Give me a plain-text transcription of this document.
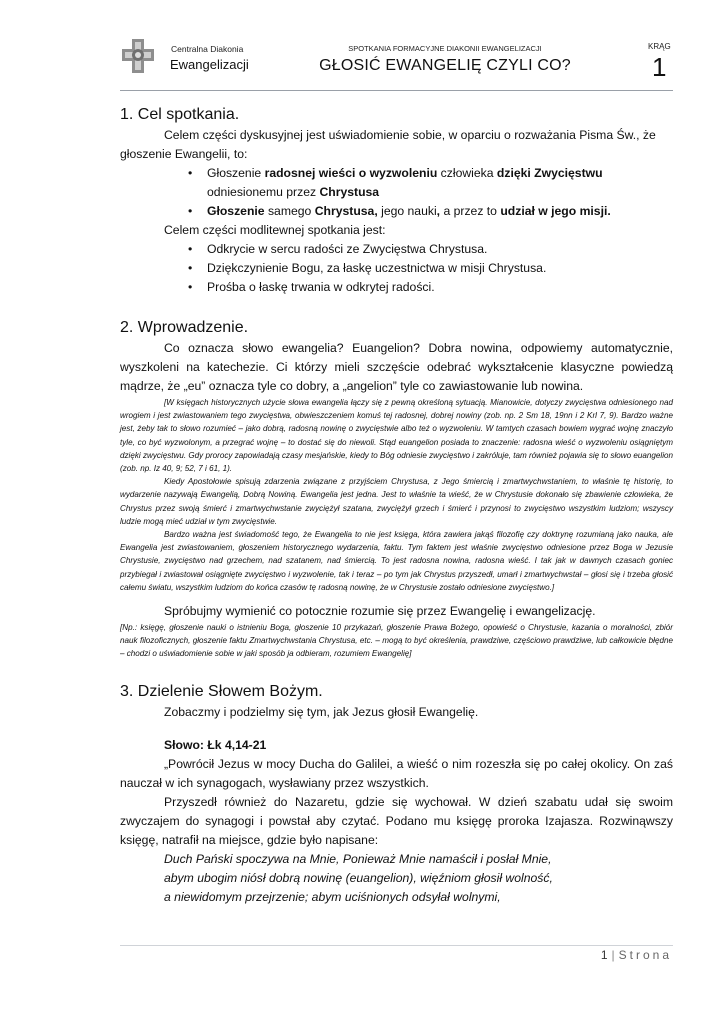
Centralna Diakonia
Ewangelizacji
SPOTKANIA FORMACYJNE DIAKONII EWANGELIZACJI
GŁOSIĆ EWANGELIĘ CZYLI CO?
KRĄG
1
1. Cel spotkania.

Celem części dyskusyjnej jest uświadomienie sobie, w oparciu o rozważania Pisma Św., że głoszenie Ewangelii, to:

• Głoszenie radosnej wieści o wyzwoleniu człowieka dzięki Zwycięstwu odniesionemu przez Chrystusa
• Głoszenie samego Chrystusa, jego nauki, a przez to udział w jego misji.

Celem części modlitewnej spotkania jest:

• Odkrycie w sercu radości ze Zwycięstwa Chrystusa.
• Dziękczynienie Bogu, za łaskę uczestnictwa w misji Chrystusa.
• Prośba o łaskę trwania w odkrytej radości.
2. Wprowadzenie.

Co oznacza słowo ewangelia? Euangelion? Dobra nowina, odpowiemy automatycznie, wyszkoleni na katechezie. Ci którzy mieli szczęście odebrać wykształcenie klasyczne powiedzą mądrze, że „eu” oznacza tyle co dobry, a „angelion” tyle co zawiastowanie lub nowina.

[W księgach historycznych użycie słowa ewangelia łączy się z pewną określoną sytuacją. Mianowicie, dotyczy zwycięstwa odniesionego nad wrogiem i jest zwiastowaniem tego zwycięstwa, obwieszczeniem komuś tej radosnej, dobrej nowiny (zob. np. 2 Sm 18, 19nn i 2 Krl 7, 9). Bardzo ważne jest, żeby tak to słowo rozumieć – jako dobrą, radosną nowinę o zwycięstwie albo też o wyzwoleniu. W tamtych czasach bowiem wygrać wojnę znaczyło tyle, co być wyzwolonym, a przegrać wojnę – to dostać się do niewoli. Stąd euangelion posiada to znaczenie: radosna wieść o wyzwoleniu osiągniętym dzięki zwycięstwu. Gdy prorocy zapowiadają czasy mesjańskie, kiedy to Bóg odniesie zwycięstwo i zakróluje, tam również pojawia się to słowo euangelion (zob. np. Iz 40, 9; 52, 7 i 61, 1).

Kiedy Apostołowie spisują zdarzenia związane z przyjściem Chrystusa, z Jego śmiercią i zmartwychwstaniem, to właśnie tę historię, to wydarzenie nazywają Ewangelią, Dobrą Nowiną. Ewangelia jest jedna. Jest to właśnie ta wieść, że w Chrystusie dokonało się zbawienie człowieka, że Chrystus przez swoją śmierć i zmartwychwstanie zwyciężył szatana, zwyciężył grzech i śmierć i przynosi to zwycięstwo wszystkim ludziom; wszyscy ludzie mogą mieć udział w tym zwycięstwie.

Bardzo ważna jest świadomość tego, że Ewangelia to nie jest księga, która zawiera jakąś filozofię czy doktrynę rozumianą jako nauka, ale Ewangelia jest zwiastowaniem, głoszeniem historycznego wydarzenia, faktu. Tym faktem jest właśnie zwycięstwo odniesione przez Boga w Jezusie Chrystusie, zwycięstwo nad grzechem, nad szatanem, nad śmiercią. To jest radosna nowina, radosna wieść. I tak jak w dawnych czasach goniec przybiegał i zwiastował osiągnięte zwycięstwo i wyzwolenie, tak i teraz – po tym jak Chrystus przyszedł, umarł i zmartwychwstał – głosi się i trzeba głosić całemu światu, wszystkim ludziom do końca czasów tę radosną nowinę, że w Chrystusie zostało odniesione zwycięstwo.]

Spróbujmy wymienić co potocznie rozumie się przez Ewangelię i ewangelizację.

[Np.: księgę, głoszenie nauki o istnieniu Boga, głoszenie 10 przykazań, głoszenie Prawa Bożego, opowieść o Chrystusie, kazania o moralności, zbiór nauk filozoficznych, głoszenie faktu Zmartwychwstania Chrystusa, etc. – mogą to być określenia, prawdziwe, częściowo prawdziwe, lub całkowicie błędne – chodzi o uświadomienie sobie w jaki sposób ja odbieram, rozumiem Ewangelię]

3. Dzielenie Słowem Bożym.

Zobaczmy i podzielmy się tym, jak Jezus głosił Ewangelię.

Słowo: Łk 4,14-21

„Powrócił Jezus w mocy Ducha do Galilei, a wieść o nim rozeszła się po całej okolicy. On zaś nauczał w ich synagogach, wysławiany przez wszystkich.

Przyszedł również do Nazaretu, gdzie się wychował. W dzień szabatu udał się swoim zwyczajem do synagogi i powstał aby czytać. Podano mu księgę proroka Izajasza. Rozwinąwszy księgę, natrafił na miejsce, gdzie było napisane:

Duch Pański spoczywa na Mnie, Ponieważ Mnie namaścił i posłał Mnie,
abym ubogim niósł dobrą nowinę (euangelion), więźniom głosił wolność,
a niewidomym przejrzenie; abym uciśnionych odsyłał wolnymi,
1 | Strona
